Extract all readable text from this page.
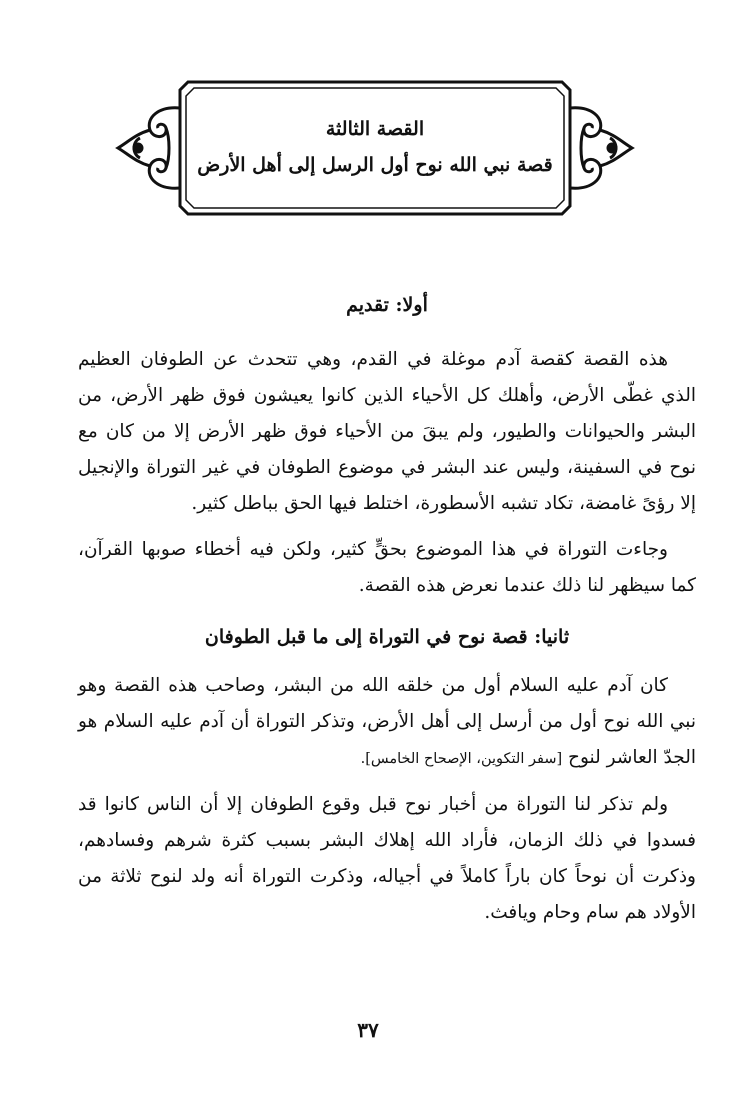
القصة الثالثة
قصة نبي الله نوح أول الرسل إلى أهل الأرض
أولا: تقديم

هذه القصة كقصة آدم موغلة في القدم، وهي تتحدث عن الطوفان العظيم الذي غطّى الأرض، وأهلك كل الأحياء الذين كانوا يعيشون فوق ظهر الأرض، من البشر والحيوانات والطيور، ولم يبقَ من الأحياء فوق ظهر الأرض إلا من كان مع نوح في السفينة، وليس عند البشر في موضوع الطوفان في غير التوراة والإنجيل إلا رؤىً غامضة، تكاد تشبه الأسطورة، اختلط فيها الحق بباطل كثير.

وجاءت التوراة في هذا الموضوع بحقٍّ كثير، ولكن فيه أخطاء صوبها القرآن، كما سيظهر لنا ذلك عندما نعرض هذه القصة.

ثانيا: قصة نوح في التوراة إلى ما قبل الطوفان

كان آدم عليه السلام أول من خلقه الله من البشر، وصاحب هذه القصة وهو نبي الله نوح أول من أرسل إلى أهل الأرض، وتذكر التوراة أن آدم عليه السلام هو الجدّ العاشر لنوح [سفر التكوين، الإصحاح الخامس].

ولم تذكر لنا التوراة من أخبار نوح قبل وقوع الطوفان إلا أن الناس كانوا قد فسدوا في ذلك الزمان، فأراد الله إهلاك البشر بسبب كثرة شرهم وفسادهم، وذكرت أن نوحاً كان باراً كاملاً في أجياله، وذكرت التوراة أنه ولد لنوح ثلاثة من الأولاد هم سام وحام ويافث.

٣٧
